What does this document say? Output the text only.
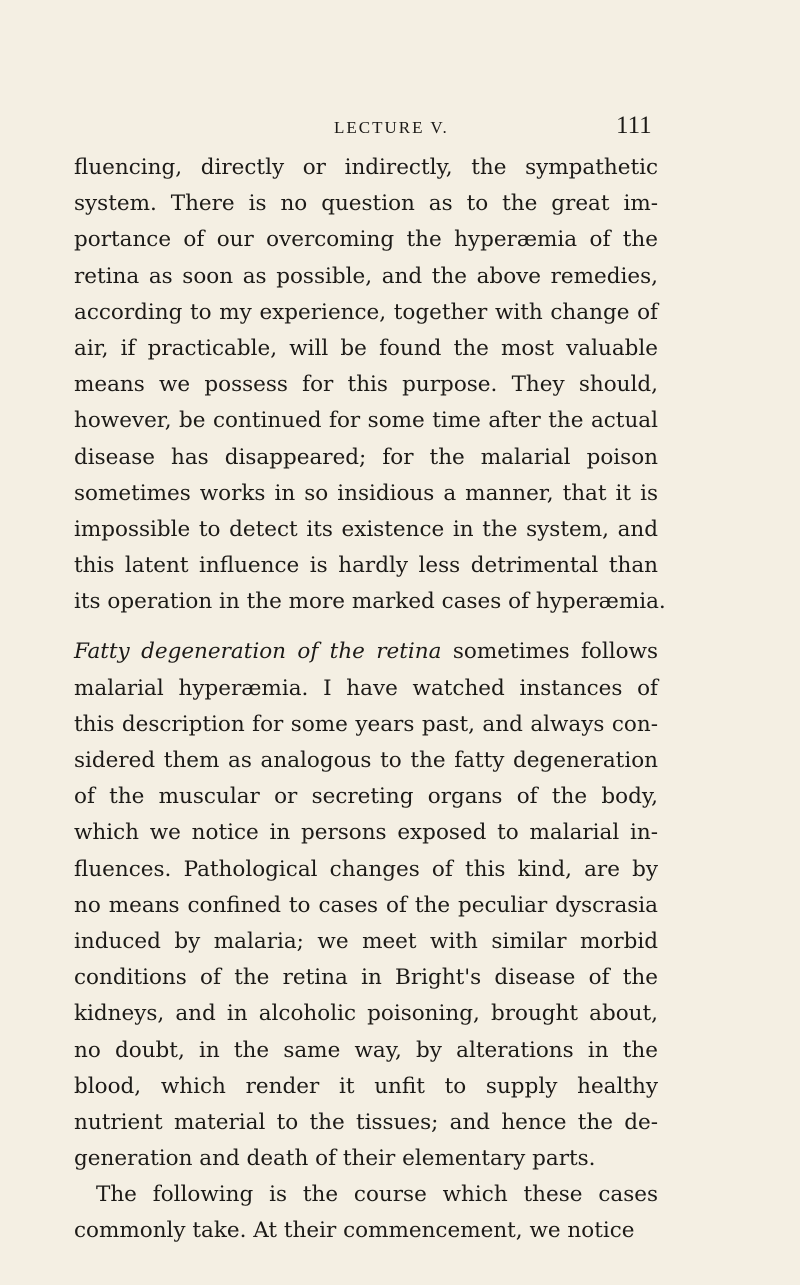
LECTURE V.	111
fluencing, directly or indirectly, the sympathetic
system. There is no question as to the great im-
portance of our overcoming the hyperæmia of the
retina as soon as possible, and the above remedies,
according to my experience, together with change of
air, if practicable, will be found the most valuable
means we possess for this purpose. They should,
however, be continued for some time after the actual
disease has disappeared; for the malarial poison
sometimes works in so insidious a manner, that it is
impossible to detect its existence in the system, and
this latent influence is hardly less detrimental than
its operation in the more marked cases of hyperæmia.
Fatty degeneration of the retina sometimes follows
malarial hyperæmia. I have watched instances of
this description for some years past, and always con-
sidered them as analogous to the fatty degeneration
of the muscular or secreting organs of the body,
which we notice in persons exposed to malarial in-
fluences. Pathological changes of this kind, are by
no means confined to cases of the peculiar dyscrasia
induced by malaria; we meet with similar morbid
conditions of the retina in Bright's disease of the
kidneys, and in alcoholic poisoning, brought about,
no doubt, in the same way, by alterations in the
blood, which render it unfit to supply healthy
nutrient material to the tissues; and hence the de-
generation and death of their elementary parts.
The following is the course which these cases
commonly take. At their commencement, we notice
